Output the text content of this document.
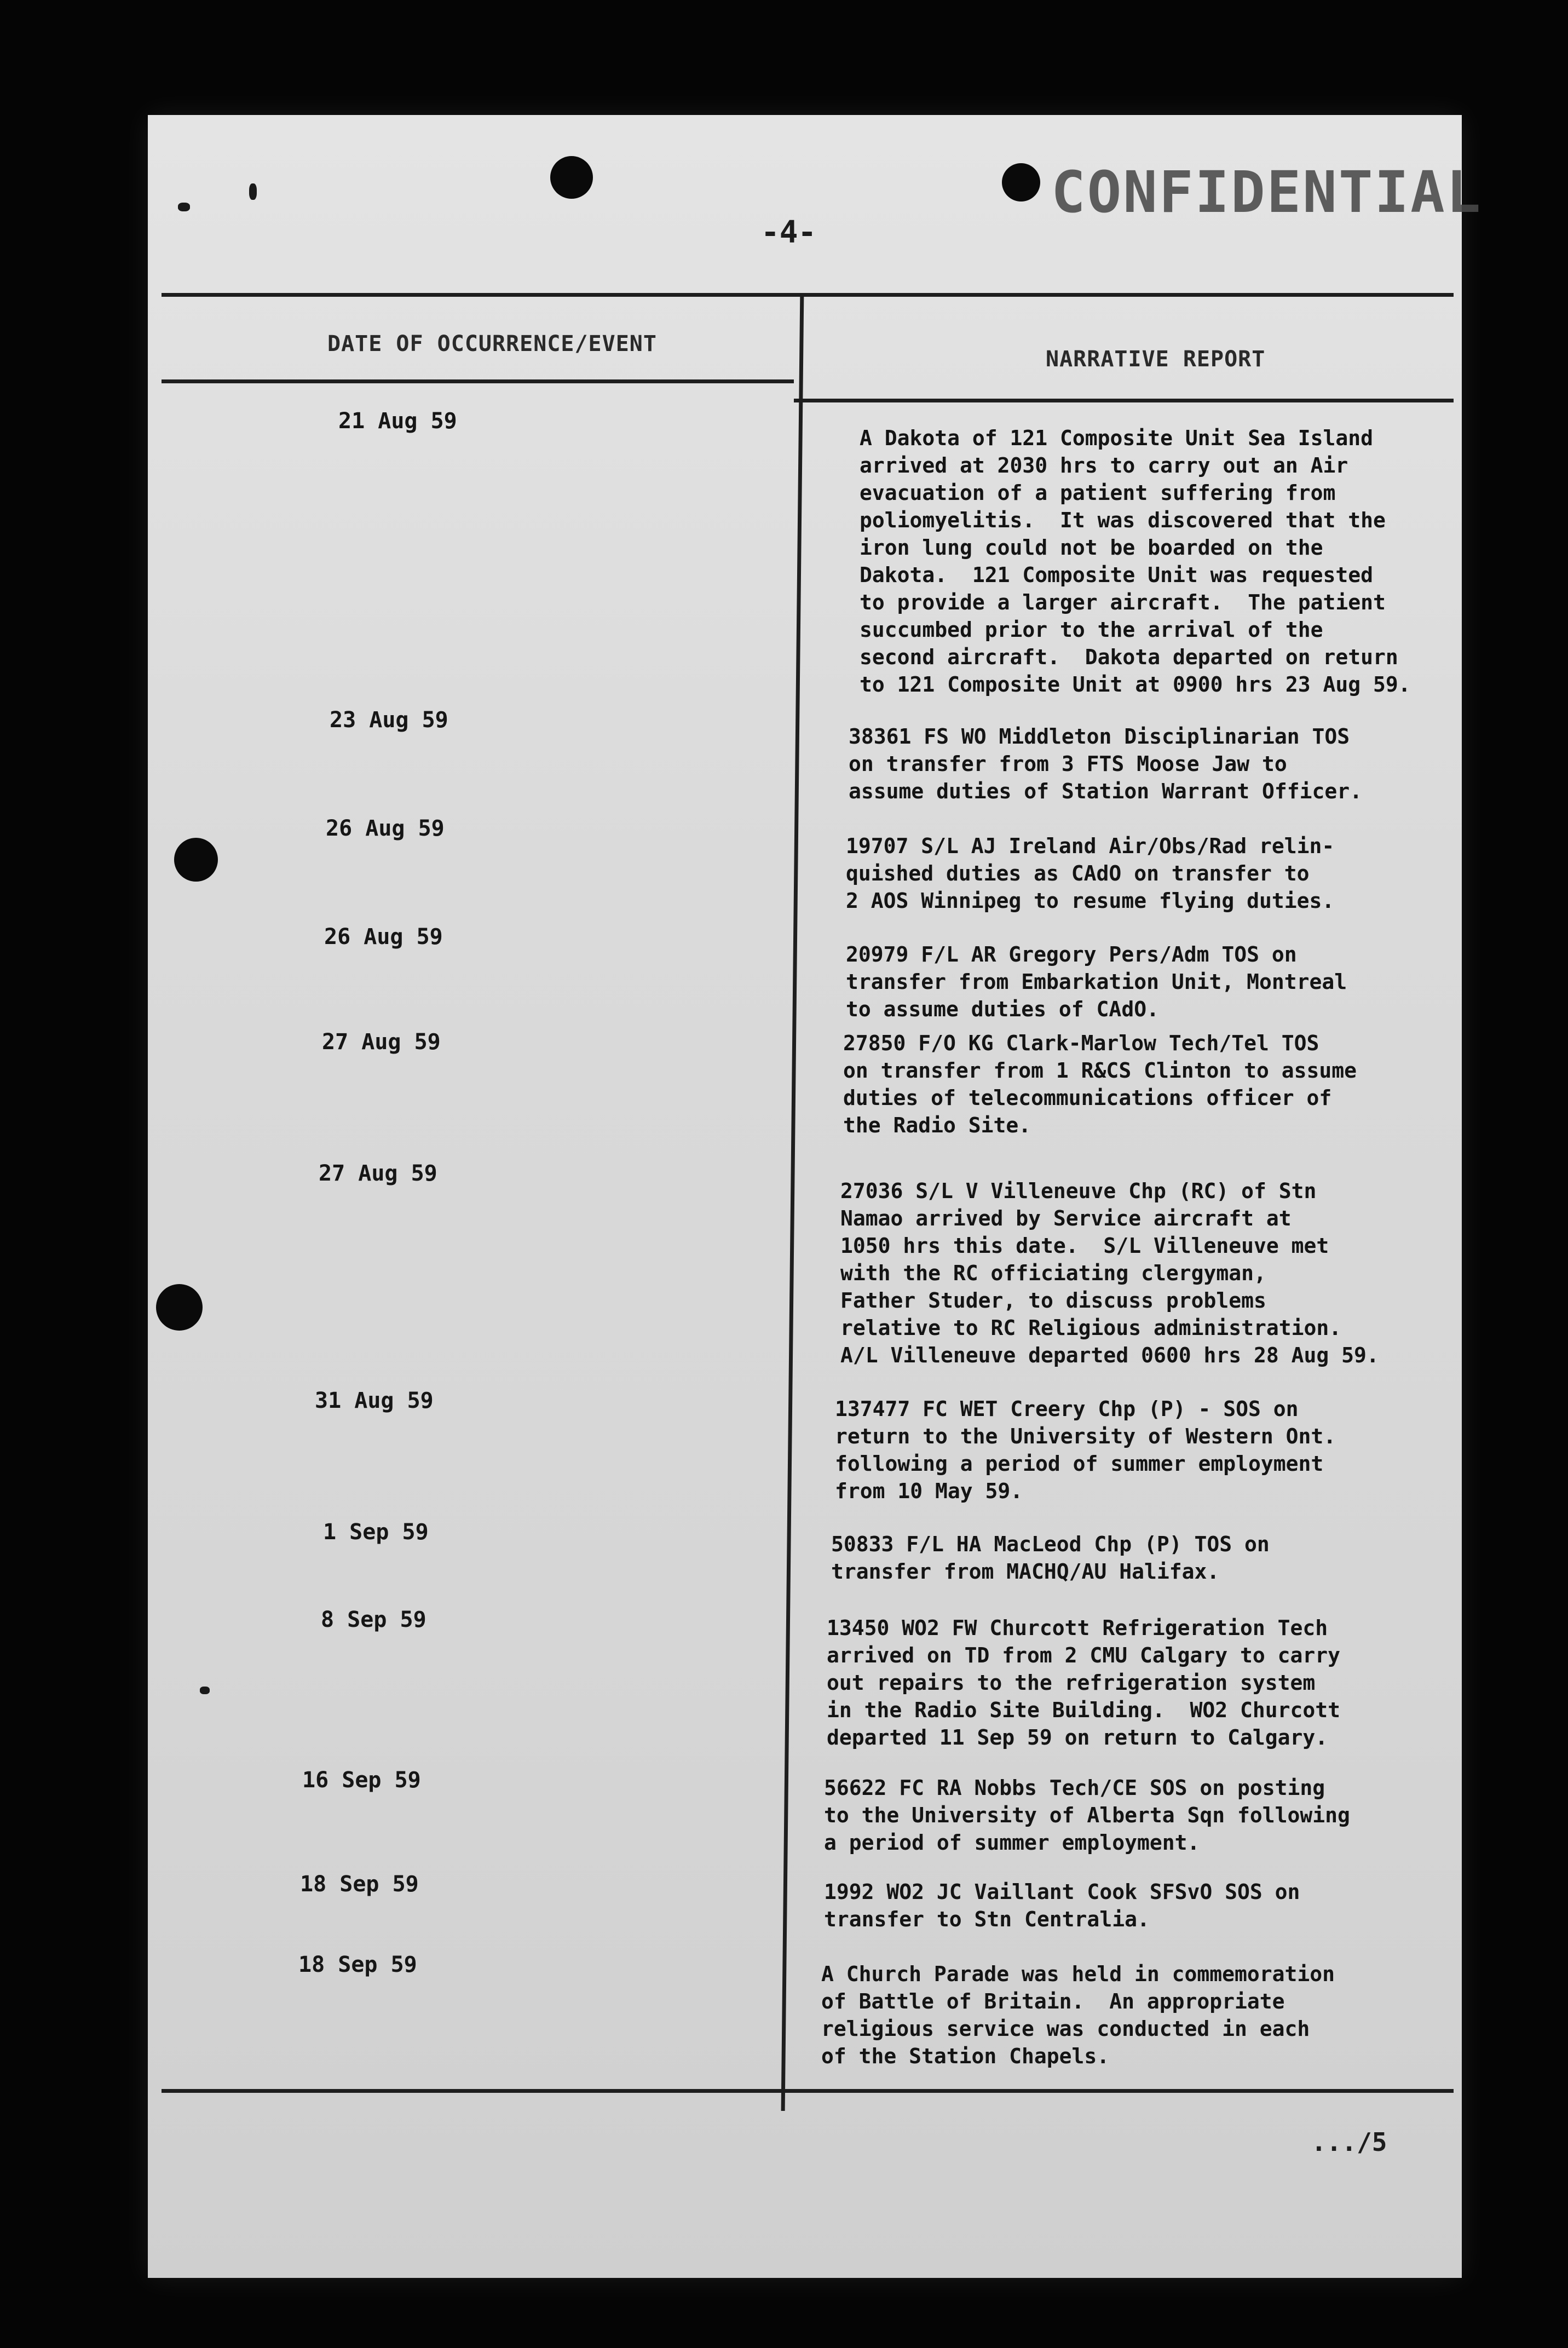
CONFIDENTIAL
-4-
DATE OF OCCURRENCE/EVENT
NARRATIVE REPORT
21 Aug 59
A Dakota of 121 Composite Unit Sea Island
arrived at 2030 hrs to carry out an Air
evacuation of a patient suffering from
poliomyelitis.  It was discovered that the
iron lung could not be boarded on the
Dakota.  121 Composite Unit was requested
to provide a larger aircraft.  The patient
succumbed prior to the arrival of the
second aircraft.  Dakota departed on return
to 121 Composite Unit at 0900 hrs 23 Aug 59.
23 Aug 59
38361 FS WO Middleton Disciplinarian TOS
on transfer from 3 FTS Moose Jaw to
assume duties of Station Warrant Officer.
26 Aug 59
19707 S/L AJ Ireland Air/Obs/Rad relin-
quished duties as CAdO on transfer to
2 AOS Winnipeg to resume flying duties.
26 Aug 59
20979 F/L AR Gregory Pers/Adm TOS on
transfer from Embarkation Unit, Montreal
to assume duties of CAdO.
27 Aug 59	27850 F/O KG Clark-Marlow Tech/Tel TOS
on transfer from 1 R&CS Clinton to assume
duties of telecommunications officer of
the Radio Site.
27 Aug 59
27036 S/L V Villeneuve Chp (RC) of Stn
Namao arrived by Service aircraft at
1050 hrs this date.  S/L Villeneuve met
with the RC officiating clergyman,
Father Studer, to discuss problems
relative to RC Religious administration.
A/L Villeneuve departed 0600 hrs 28 Aug 59.
31 Aug 59	137477 FC WET Creery Chp (P) - SOS on
return to the University of Western Ont.
following a period of summer employment
from 10 May 59.
1 Sep 59	50833 F/L HA MacLeod Chp (P) TOS on
transfer from MACHQ/AU Halifax.
8 Sep 59	13450 WO2 FW Churcott Refrigeration Tech
arrived on TD from 2 CMU Calgary to carry
out repairs to the refrigeration system
in the Radio Site Building.  WO2 Churcott
departed 11 Sep 59 on return to Calgary.
16 Sep 59	56622 FC RA Nobbs Tech/CE SOS on posting
to the University of Alberta Sqn following
a period of summer employment.
18 Sep 59	1992 WO2 JC Vaillant Cook SFSvO SOS on
transfer to Stn Centralia.
18 Sep 59	A Church Parade was held in commemoration
of Battle of Britain.  An appropriate
religious service was conducted in each
of the Station Chapels.
.../5
